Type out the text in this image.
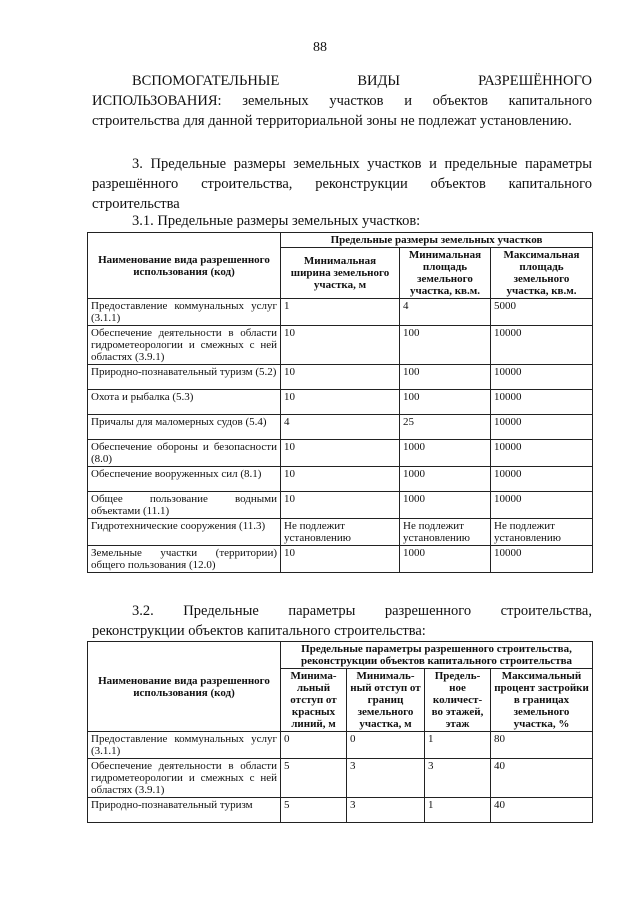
88
ВСПОМОГАТЕЛЬНЫЕ	ВИДЫ	РАЗРЕШЁННОГО
ИСПОЛЬЗОВАНИЯ: земельных участков и объектов капитального
строительства для данной территориальной зоны не подлежат установлению.
3. Предельные размеры земельных участков и предельные параметры
разрешённого строительства, реконструкции объектов капитального
строительства
3.1. Предельные размеры земельных участков:
Наименование вида разрешенного использования (код)	Предельные размеры земельных участков		
	Минимальная ширина земельного участка, м	Минимальная площадь земельного участка, кв.м.	Максимальная площадь земельного участка, кв.м.
Предоставление коммунальных услуг (3.1.1)	1	4	5000
Обеспечение деятельности в области гидрометеорологии и смежных с ней областях (3.9.1)	10	100	10000
Природно-познавательный туризм (5.2)	10	100	10000
Охота и рыбалка (5.3)	10	100	10000
Причалы для маломерных судов (5.4)	4	25	10000
Обеспечение обороны и безопасности (8.0)	10	1000	10000
Обеспечение вооруженных сил (8.1)	10	1000	10000
Общее пользование водными объектами (11.1)	10	1000	10000
Гидротехнические сооружения (11.3)	Не подлежит установлению	Не подлежит установлению	Не подлежит установлению
Земельные участки (территории) общего пользования (12.0)	10	1000	10000
3.2. Предельные параметры разрешенного строительства,
реконструкции объектов капитального строительства:
Наименование вида разрешенного использования (код)	Предельные параметры разрешенного строительства, реконструкции объектов капитального строительства			
	Минима-льный отступ от красных линий, м	Минималь-ный отступ от границ земельного участка, м	Предель-ное количест-во этажей, этаж	Максимальный процент застройки в границах земельного участка, %
Предоставление коммунальных услуг (3.1.1)	0	0	1	80
Обеспечение деятельности в области гидрометеорологии и смежных с ней областях (3.9.1)	5	3	3	40
Природно-познавательный туризм	5	3	1	40
